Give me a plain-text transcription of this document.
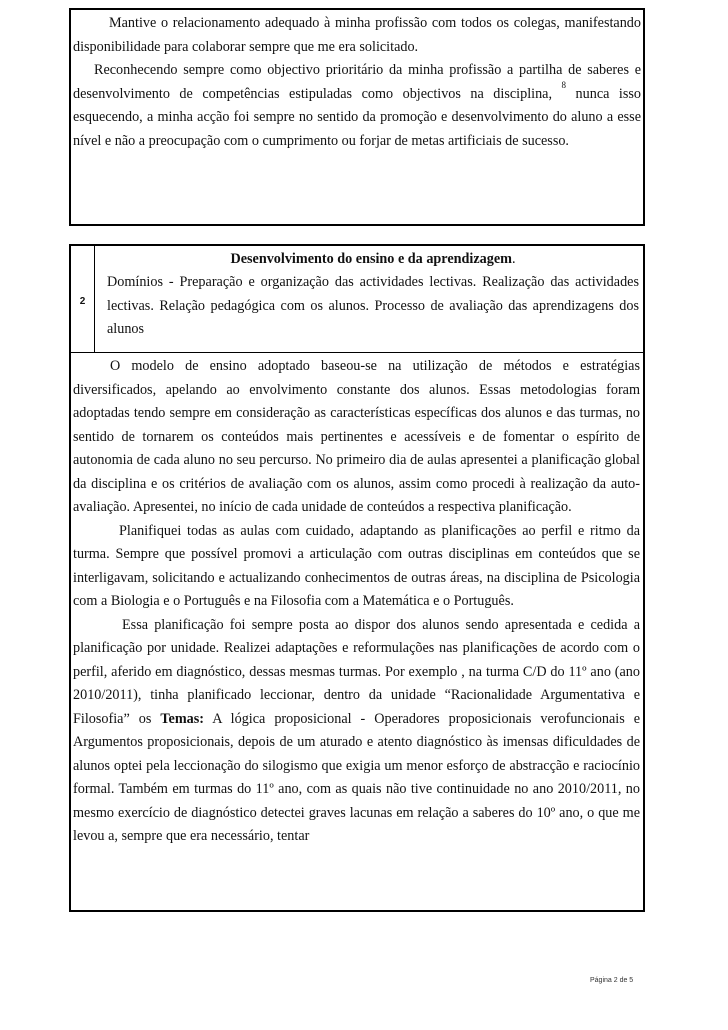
Mantive o relacionamento adequado à minha profissão com todos os colegas, manifestando disponibilidade para colaborar sempre que me era solicitado.

Reconhecendo sempre como objectivo prioritário da minha profissão a partilha de saberes e desenvolvimento de competências estipuladas como objectivos na disciplina, $^8$ nunca isso esquecendo, a minha acção foi sempre no sentido da promoção e desenvolvimento do aluno a esse nível e não a preocupação com o cumprimento ou forjar de metas artificiais de sucesso.

2
Desenvolvimento do ensino e da aprendizagem.

Domínios - Preparação e organização das actividades lectivas. Realização das actividades lectivas. Relação pedagógica com os alunos. Processo de avaliação das aprendizagens dos alunos

O modelo de ensino adoptado baseou-se na utilização de métodos e estratégias diversificados, apelando ao envolvimento constante dos alunos. Essas metodologias foram adoptadas tendo sempre em consideração as características específicas dos alunos e das turmas, no sentido de tornarem os conteúdos mais pertinentes e acessíveis e de fomentar o espírito de autonomia de cada aluno no seu percurso. No primeiro dia de aulas apresentei a planificação global da disciplina e os critérios de avaliação com os alunos, assim como procedi à realização da auto-avaliação. Apresentei, no início de cada unidade de conteúdos a respectiva planificação.

Planifiquei todas as aulas com cuidado, adaptando as planificações ao perfil e ritmo da turma. Sempre que possível promovi a articulação com outras disciplinas em conteúdos que se interligavam, solicitando e actualizando conhecimentos de outras áreas, na disciplina de Psicologia com a Biologia e o Português e na Filosofia com a Matemática e o Português.

Essa planificação foi sempre posta ao dispor dos alunos sendo apresentada e cedida a planificação por unidade. Realizei adaptações e reformulações nas planificações de acordo com o perfil, aferido em diagnóstico, dessas mesmas turmas. Por exemplo , na turma C/D do 11º ano (ano 2010/2011), tinha planificado leccionar, dentro da unidade “Racionalidade Argumentativa e Filosofia” os Temas: A lógica proposicional - Operadores proposicionais verofuncionais e Argumentos proposicionais, depois de um aturado e atento diagnóstico às imensas dificuldades de alunos optei pela leccionação do silogismo que exigia um menor esforço de abstracção e raciocínio formal. Também em turmas do 11º ano, com as quais não tive continuidade no ano 2010/2011, no mesmo exercício de diagnóstico detectei graves lacunas em relação a saberes do 10º ano, o que me levou a, sempre que era necessário, tentar

Página 2 de 5
